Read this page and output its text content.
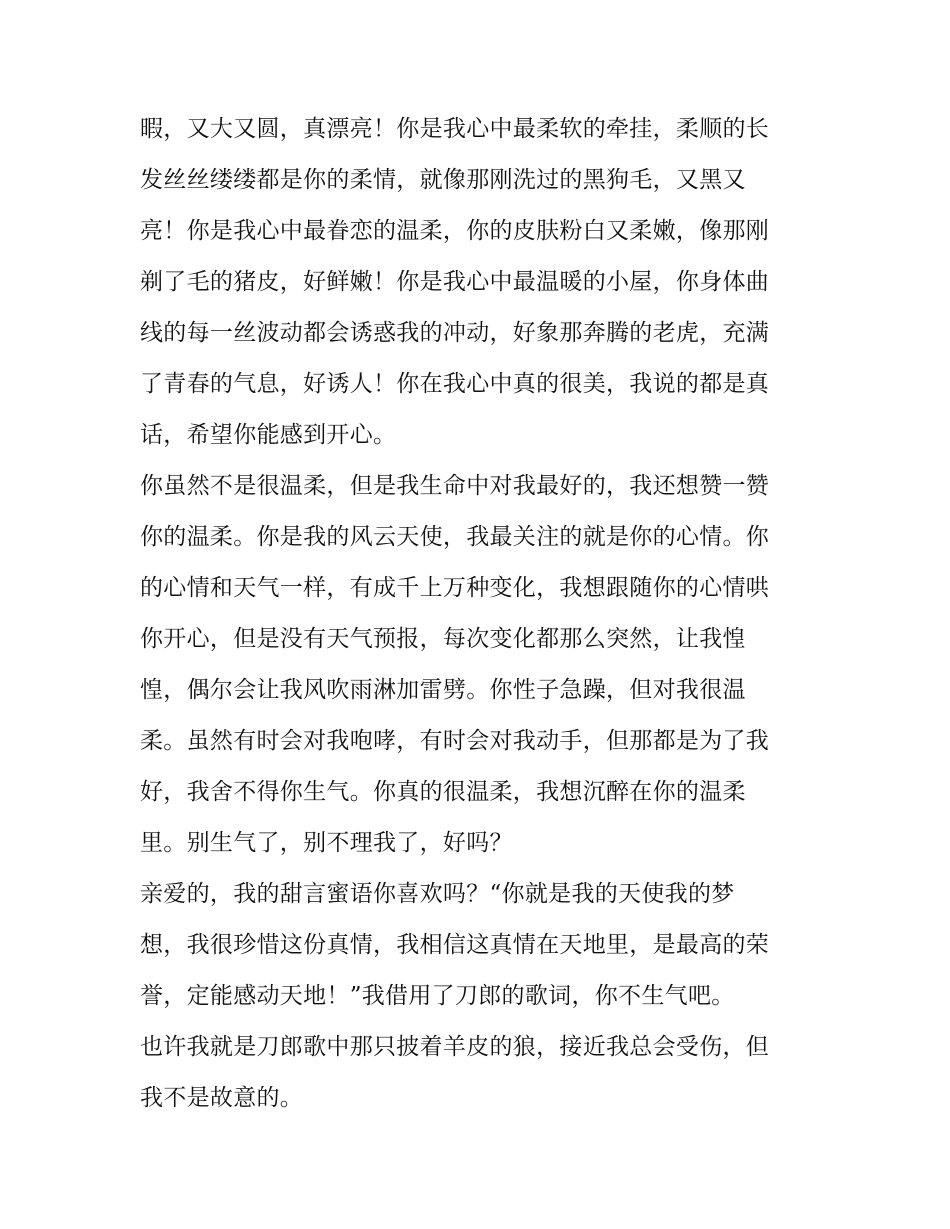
暇，又大又圆，真漂亮！你是我心中最柔软的牵挂，柔顺的长
发丝丝缕缕都是你的柔情，就像那刚洗过的黑狗毛，又黑又
亮！你是我心中最眷恋的温柔，你的皮肤粉白又柔嫩，像那刚
剃了毛的猪皮，好鲜嫩！你是我心中最温暖的小屋，你身体曲
线的每一丝波动都会诱惑我的冲动，好象那奔腾的老虎，充满
了青春的气息，好诱人！你在我心中真的很美，我说的都是真
话，希望你能感到开心。
你虽然不是很温柔，但是我生命中对我最好的，我还想赞一赞
你的温柔。你是我的风云天使，我最关注的就是你的心情。你
的心情和天气一样，有成千上万种变化，我想跟随你的心情哄
你开心，但是没有天气预报，每次变化都那么突然，让我惶
惶，偶尔会让我风吹雨淋加雷劈。你性子急躁，但对我很温
柔。虽然有时会对我咆哮，有时会对我动手，但那都是为了我
好，我舍不得你生气。你真的很温柔，我想沉醉在你的温柔
里。别生气了，别不理我了，好吗？
亲爱的，我的甜言蜜语你喜欢吗？“你就是我的天使我的梦
想，我很珍惜这份真情，我相信这真情在天地里，是最高的荣
誉，定能感动天地！”我借用了刀郎的歌词，你不生气吧。
也许我就是刀郎歌中那只披着羊皮的狼，接近我总会受伤，但
我不是故意的。
